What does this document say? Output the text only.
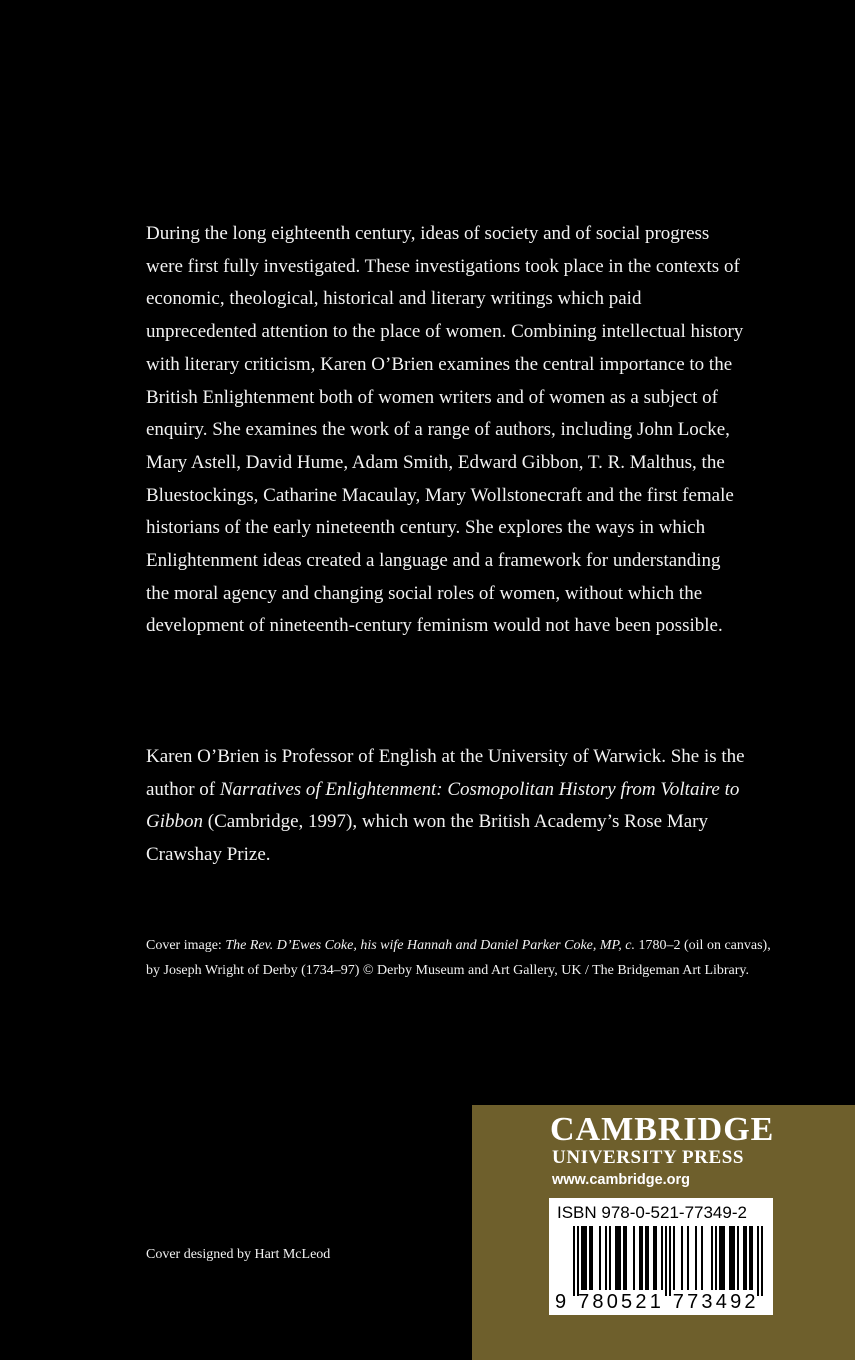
During the long eighteenth century, ideas of society and of social progress were first fully investigated. These investigations took place in the contexts of economic, theological, historical and literary writings which paid unprecedented attention to the place of women. Combining intellectual history with literary criticism, Karen O’Brien examines the central importance to the British Enlightenment both of women writers and of women as a subject of enquiry. She examines the work of a range of authors, including John Locke, Mary Astell, David Hume, Adam Smith, Edward Gibbon, T. R. Malthus, the Bluestockings, Catharine Macaulay, Mary Wollstonecraft and the first female historians of the early nineteenth century. She explores the ways in which Enlightenment ideas created a language and a framework for understanding the moral agency and changing social roles of women, without which the development of nineteenth-century feminism would not have been possible.

Karen O’Brien is Professor of English at the University of Warwick. She is the author of Narratives of Enlightenment: Cosmopolitan History from Voltaire to Gibbon (Cambridge, 1997), which won the British Academy’s Rose Mary Crawshay Prize.

Cover image: The Rev. D’Ewes Coke, his wife Hannah and Daniel Parker Coke, MP, c. 1780–2 (oil on canvas), by Joseph Wright of Derby (1734–97) © Derby Museum and Art Gallery, UK / The Bridgeman Art Library.

Cover designed by Hart McLeod

CAMBRIDGE
UNIVERSITY PRESS
www.cambridge.org
ISBN 978-0-521-77349-2
9 780521 773492
